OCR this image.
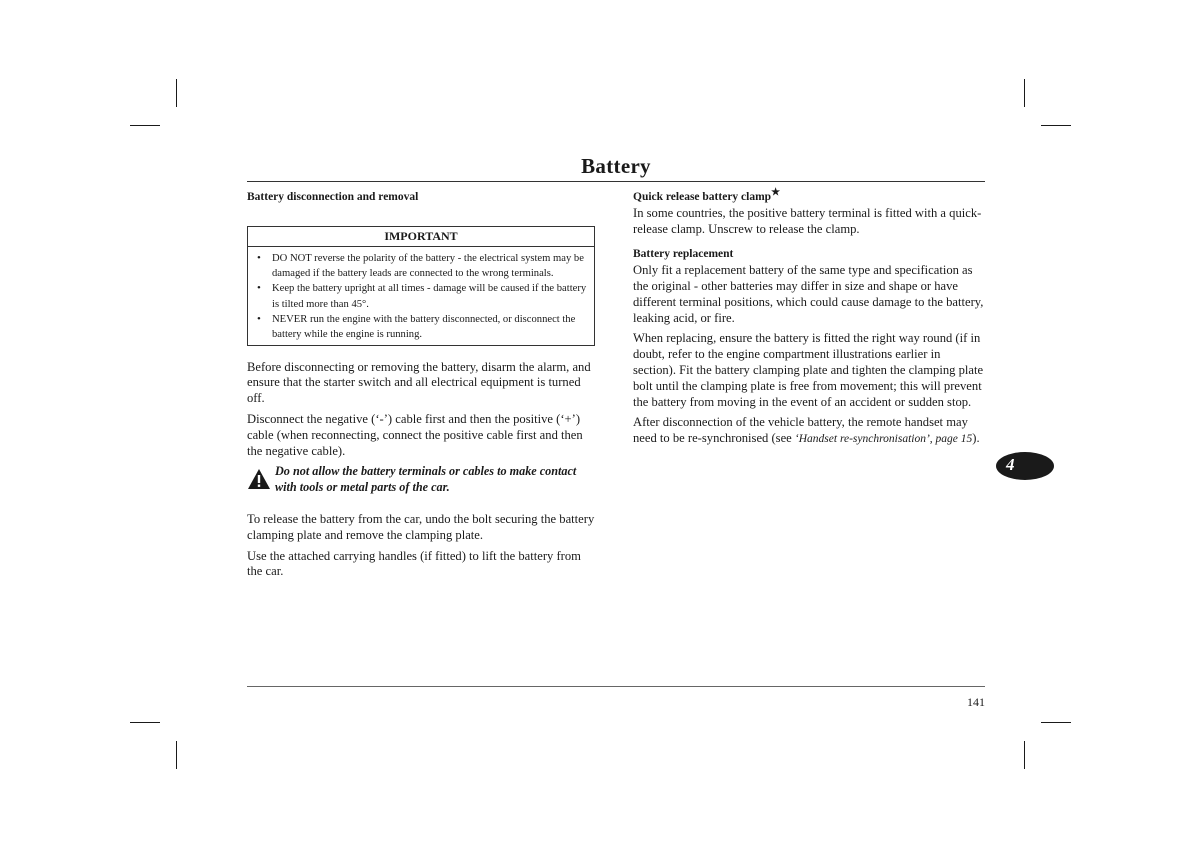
Battery
Battery disconnection and removal
IMPORTANT
• DO NOT reverse the polarity of the battery - the electrical system may be damaged if the battery leads are connected to the wrong terminals.
• Keep the battery upright at all times - damage will be caused if the battery is tilted more than 45°.
• NEVER run the engine with the battery disconnected, or disconnect the battery while the engine is running.

Before disconnecting or removing the battery, disarm the alarm, and ensure that the starter switch and all electrical equipment is turned off.

Disconnect the negative (‘-’) cable first and then the positive (‘+’) cable (when reconnecting, connect the positive cable first and then the negative cable).

Do not allow the battery terminals or cables to make contact with tools or metal parts of the car.

To release the battery from the car, undo the bolt securing the battery clamping plate and remove the clamping plate.

Use the attached carrying handles (if fitted) to lift the battery from the car.

Quick release battery clamp★

In some countries, the positive battery terminal is fitted with a quick-release clamp. Unscrew to release the clamp.

Battery replacement

Only fit a replacement battery of the same type and specification as the original - other batteries may differ in size and shape or have different terminal positions, which could cause damage to the battery, leaking acid, or fire.

When replacing, ensure the battery is fitted the right way round (if in doubt, refer to the engine compartment illustrations earlier in section). Fit the battery clamping plate and tighten the clamping plate bolt until the clamping plate is free from movement; this will prevent the battery from moving in the event of an accident or sudden stop.

After disconnection of the vehicle battery, the remote handset may need to be re-synchronised (see ‘Handset re-synchronisation’, page 15).

4
141
